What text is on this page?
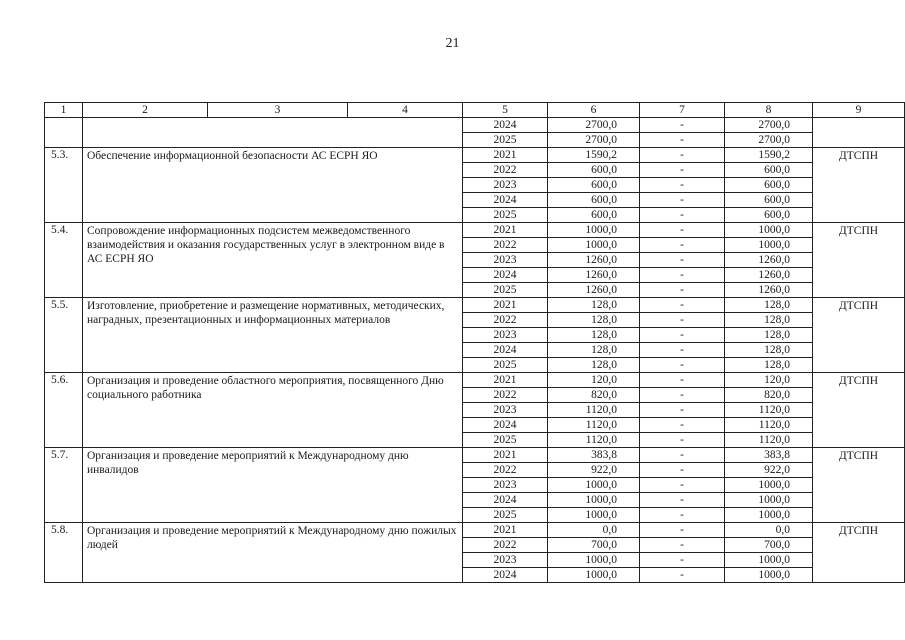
21
1	2	3	4	5	6	7	8	9
				2024	2700,0	-	2700,0	
				2025	2700,0	-	2700,0	
5.3.	Обеспечение информационной безопасности АС ЕСРН ЯО			2021	1590,2	-	1590,2	ДТСПН
				2022	600,0	-	600,0	
				2023	600,0	-	600,0	
				2024	600,0	-	600,0	
				2025	600,0	-	600,0	
5.4.	Сопровождение информационных подсистем межведомственного взаимодействия и оказания государственных услуг в электронном виде в АС ЕСРН ЯО			2021	1000,0	-	1000,0	ДТСПН
				2022	1000,0	-	1000,0	
				2023	1260,0	-	1260,0	
				2024	1260,0	-	1260,0	
				2025	1260,0	-	1260,0	
5.5.	Изготовление, приобретение и размещение нормативных, методических, наградных, презентационных и информационных материалов			2021	128,0	-	128,0	ДТСПН
				2022	128,0	-	128,0	
				2023	128,0	-	128,0	
				2024	128,0	-	128,0	
				2025	128,0	-	128,0	
5.6.	Организация и проведение областного мероприятия, посвященного Дню социального работника			2021	120,0	-	120,0	ДТСПН
				2022	820,0	-	820,0	
				2023	1120,0	-	1120,0	
				2024	1120,0	-	1120,0	
				2025	1120,0	-	1120,0	
5.7.	Организация и проведение мероприятий к Международному дню инвалидов			2021	383,8	-	383,8	ДТСПН
				2022	922,0	-	922,0	
				2023	1000,0	-	1000,0	
				2024	1000,0	-	1000,0	
				2025	1000,0	-	1000,0	
5.8.	Организация и проведение мероприятий к Международному дню пожилых людей			2021	0,0	-	0,0	ДТСПН
				2022	700,0	-	700,0	
				2023	1000,0	-	1000,0	
				2024	1000,0	-	1000,0	
